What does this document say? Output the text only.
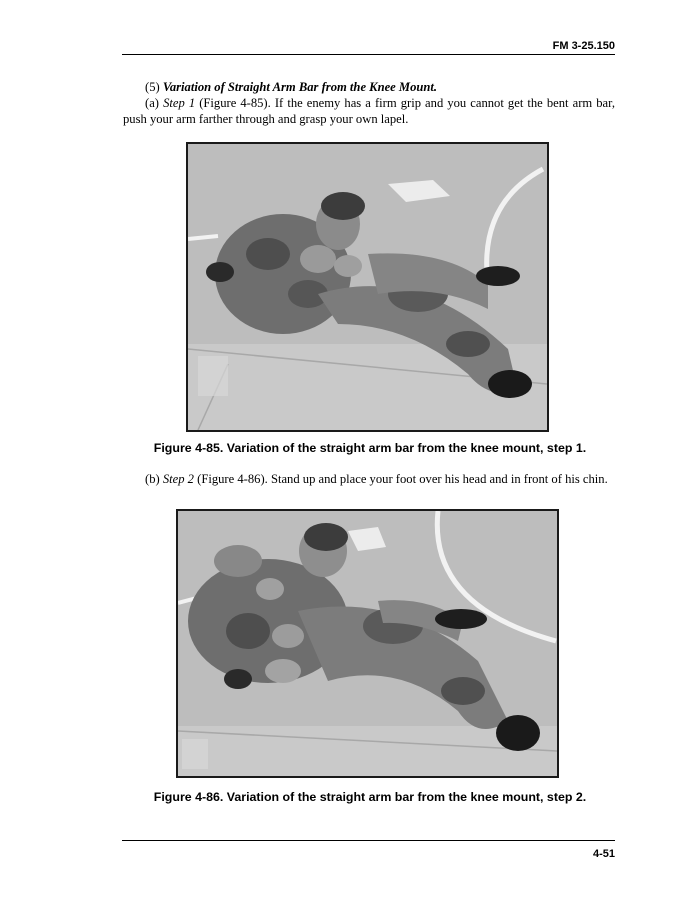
FM 3-25.150
(5) Variation of Straight Arm Bar from the Knee Mount.
(a) Step 1 (Figure 4-85). If the enemy has a firm grip and you cannot get the bent arm bar, push your arm farther through and grasp your own lapel.
Figure 4-85. Variation of the straight arm bar from the knee mount, step 1.
(b) Step 2 (Figure 4-86). Stand up and place your foot over his head and in front of his chin.
Figure 4-86. Variation of the straight arm bar from the knee mount, step 2.
4-51
